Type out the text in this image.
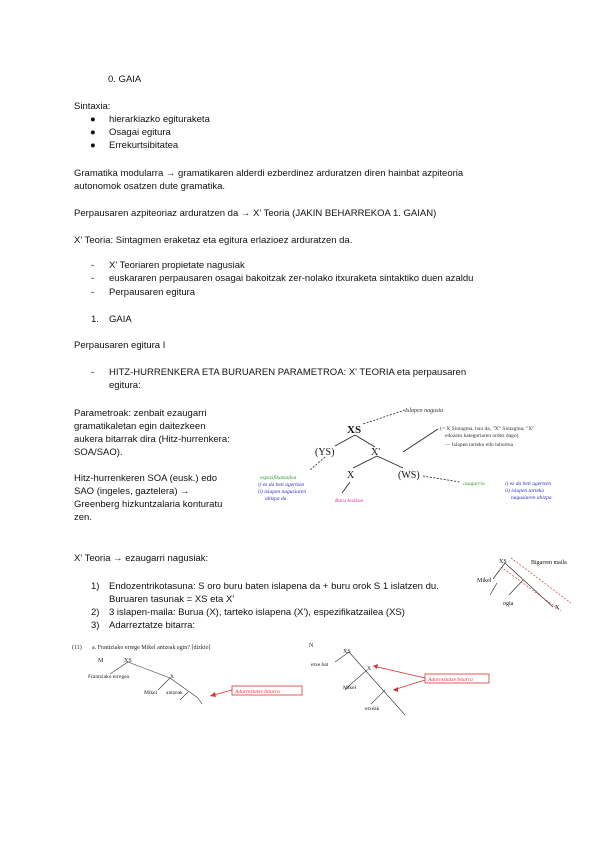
0. GAIA
Sintaxia:
● hierarkiazko egituraketa
● Osagai egitura
● Errekurtsibitatea
Gramatika modularra → gramatikaren alderdi ezberdinez arduratzen diren hainbat azpiteoria
autonomok osatzen dute gramatika.
Perpausaren azpiteoriaz arduratzen da → X' Teoria (JAKIN BEHARREKOA 1. GAIAN)
X' Teoria: Sintagmen eraketaz eta egitura erlazioez arduratzen da.
- X' Teoriaren propietate nagusiak
- euskararen perpausaren osagai bakoitzak zer-nolako itxuraketa sintaktiko duen azaldu
- Perpausaren egitura
1. GAIA
Perpausaren egitura I
- HITZ-HURRENKERA ETA BURUAREN PARAMETROA: X' TEORIA eta perpausaren
egitura:
Parametroak: zenbait ezaugarri
gramatikaletan egin daitezkeen
aukera bitarrak dira (Hitz-hurrenkera:
SOA/SAO).
Hitz-hurrenkeren SOA (eusk.) edo
SAO (ingeles, gaztelera) →
Greenberg hizkuntzalaria konturatu
zen.
XS
(YS)	X'
X	(WS)
Islapen nagusia
(= X Sintagma, hau da, "X" Sintagma; "X"
edozein kategoriaren ordez dago)
— Islapen tarteko edo laburtua
espezifikatzailea
i) ez da beti agertzen
ii) islapen nagusiaren
ahizpa da	Buru lexikoa
osagarria	i) ez da beti agertzen
ii) islapen tarteko
nagusiaren ahizpa
X' Teoria → ezaugarri nagusiak:
1) Endozentrikotasuna: S oro buru baten islapena da + buru orok S 1 islatzen du.
Buruaren tasunak = XS eta X'
2) 3 islapen-maila: Burua (X), tarteko islapena (X'), espezifikatzailea (XS)
3) Adarreztatze bitarra:
XS	Bigarren maila
Mikel
ogia
X
(11) a. Frantziako errege Mikel antzeak egin? [dizkio]
M	XS
Frantziako erregea	X
Mikel antzeak	Adarreztatze bitarra
N
XS
etxe bat
X
Mikel
etxeak
Adarreztatze bitarra
